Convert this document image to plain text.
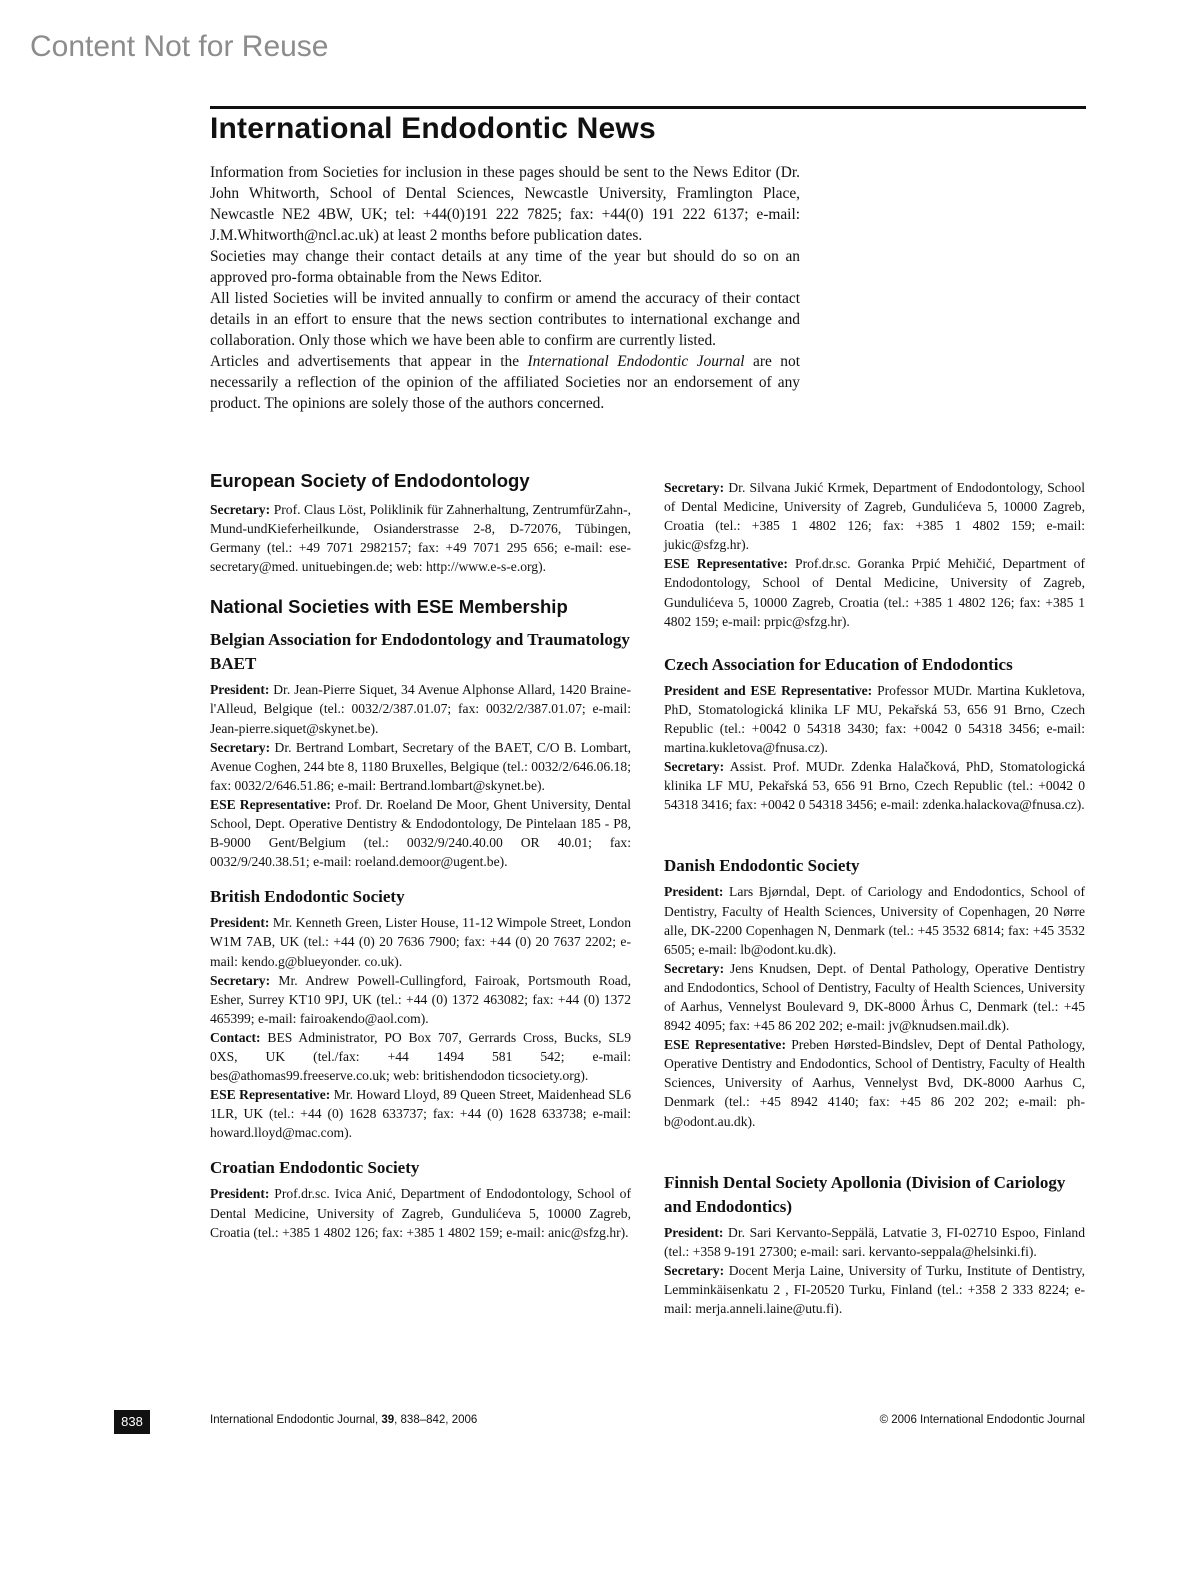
Content Not for Reuse
International Endodontic News

Information from Societies for inclusion in these pages should be sent to the News Editor (Dr. John Whitworth, School of Dental Sciences, Newcastle University, Framlington Place, Newcastle NE2 4BW, UK; tel: +44(0)191 222 7825; fax: +44(0) 191 222 6137; e-mail: J.M.Whitworth@ncl.ac.uk) at least 2 months before publication dates.

Societies may change their contact details at any time of the year but should do so on an approved pro-forma obtainable from the News Editor.

All listed Societies will be invited annually to confirm or amend the accuracy of their contact details in an effort to ensure that the news section contributes to international exchange and collaboration. Only those which we have been able to confirm are currently listed.

Articles and advertisements that appear in the International Endodontic Journal are not necessarily a reflection of the opinion of the affiliated Societies nor an endorsement of any product. The opinions are solely those of the authors concerned.

European Society of Endodontology

Secretary: Prof. Claus Löst, Poliklinik für Zahnerhaltung, ZentrumfürZahn-, Mund-undKieferheilkunde, Osianderstrasse 2-8, D-72076, Tübingen, Germany (tel.: +49 7071 2982157; fax: +49 7071 295 656; e-mail: ese-secretary@med. unituebingen.de; web: http://www.e-s-e.org).

National Societies with ESE Membership
Belgian Association for Endodontology and Traumatology BAET

President: Dr. Jean-Pierre Siquet, 34 Avenue Alphonse Allard, 1420 Braine-l'Alleud, Belgique (tel.: 0032/2/387.01.07; fax: 0032/2/387.01.07; e-mail: Jean-pierre.siquet@skynet.be).

Secretary: Dr. Bertrand Lombart, Secretary of the BAET, C/O B. Lombart, Avenue Coghen, 244 bte 8, 1180 Bruxelles, Belgique (tel.: 0032/2/646.06.18; fax: 0032/2/646.51.86; e-mail: Bertrand.lombart@skynet.be).

ESE Representative: Prof. Dr. Roeland De Moor, Ghent University, Dental School, Dept. Operative Dentistry & Endodontology, De Pintelaan 185 - P8, B-9000 Gent/Belgium (tel.: 0032/9/240.40.00 OR 40.01; fax: 0032/9/240.38.51; e-mail: roeland.demoor@ugent.be).

British Endodontic Society

President: Mr. Kenneth Green, Lister House, 11-12 Wimpole Street, London W1M 7AB, UK (tel.: +44 (0) 20 7636 7900; fax: +44 (0) 20 7637 2202; e-mail: kendo.g@blueyonder. co.uk).

Secretary: Mr. Andrew Powell-Cullingford, Fairoak, Portsmouth Road, Esher, Surrey KT10 9PJ, UK (tel.: +44 (0) 1372 463082; fax: +44 (0) 1372 465399; e-mail: fairoakendo@aol.com).

Contact: BES Administrator, PO Box 707, Gerrards Cross, Bucks, SL9 0XS, UK (tel./fax: +44 1494 581 542; e-mail: bes@athomas99.freeserve.co.uk; web: britishendodon ticsociety.org).

ESE Representative: Mr. Howard Lloyd, 89 Queen Street, Maidenhead SL6 1LR, UK (tel.: +44 (0) 1628 633737; fax: +44 (0) 1628 633738; e-mail: howard.lloyd@mac.com).

Croatian Endodontic Society

President: Prof.dr.sc. Ivica Anić, Department of Endodontology, School of Dental Medicine, University of Zagreb, Gundulićeva 5, 10000 Zagreb, Croatia (tel.: +385 1 4802 126; fax: +385 1 4802 159; e-mail: anic@sfzg.hr).

Secretary: Dr. Silvana Jukić Krmek, Department of Endodontology, School of Dental Medicine, University of Zagreb, Gundulićeva 5, 10000 Zagreb, Croatia (tel.: +385 1 4802 126; fax: +385 1 4802 159; e-mail: jukic@sfzg.hr).

ESE Representative: Prof.dr.sc. Goranka Prpić Mehičić, Department of Endodontology, School of Dental Medicine, University of Zagreb, Gundulićeva 5, 10000 Zagreb, Croatia (tel.: +385 1 4802 126; fax: +385 1 4802 159; e-mail: prpic@sfzg.hr).

Czech Association for Education of Endodontics

President and ESE Representative: Professor MUDr. Martina Kukletova, PhD, Stomatologická klinika LF MU, Pekařská 53, 656 91 Brno, Czech Republic (tel.: +0042 0 54318 3430; fax: +0042 0 54318 3456; e-mail: martina.kukletova@fnusa.cz).

Secretary: Assist. Prof. MUDr. Zdenka Halačková, PhD, Stomatologická klinika LF MU, Pekařská 53, 656 91 Brno, Czech Republic (tel.: +0042 0 54318 3416; fax: +0042 0 54318 3456; e-mail: zdenka.halackova@fnusa.cz).

Danish Endodontic Society

President: Lars Bjørndal, Dept. of Cariology and Endodontics, School of Dentistry, Faculty of Health Sciences, University of Copenhagen, 20 Nørre alle, DK-2200 Copenhagen N, Denmark (tel.: +45 3532 6814; fax: +45 3532 6505; e-mail: lb@odont.ku.dk).

Secretary: Jens Knudsen, Dept. of Dental Pathology, Operative Dentistry and Endodontics, School of Dentistry, Faculty of Health Sciences, University of Aarhus, Vennelyst Boulevard 9, DK-8000 Århus C, Denmark (tel.: +45 8942 4095; fax: +45 86 202 202; e-mail: jv@knudsen.mail.dk).

ESE Representative: Preben Hørsted-Bindslev, Dept of Dental Pathology, Operative Dentistry and Endodontics, School of Dentistry, Faculty of Health Sciences, University of Aarhus, Vennelyst Bvd, DK-8000 Aarhus C, Denmark (tel.: +45 8942 4140; fax: +45 86 202 202; e-mail: ph-b@odont.au.dk).

Finnish Dental Society Apollonia (Division of Cariology and Endodontics)

President: Dr. Sari Kervanto-Seppälä, Latvatie 3, FI-02710 Espoo, Finland (tel.: +358 9-191 27300; e-mail: sari. kervanto-seppala@helsinki.fi).

Secretary: Docent Merja Laine, University of Turku, Institute of Dentistry, Lemminkäisenkatu 2 , FI-20520 Turku, Finland (tel.: +358 2 333 8224; e-mail: merja.anneli.laine@utu.fi).

838	International Endodontic Journal, 39, 838–842, 2006	© 2006 International Endodontic Journal
